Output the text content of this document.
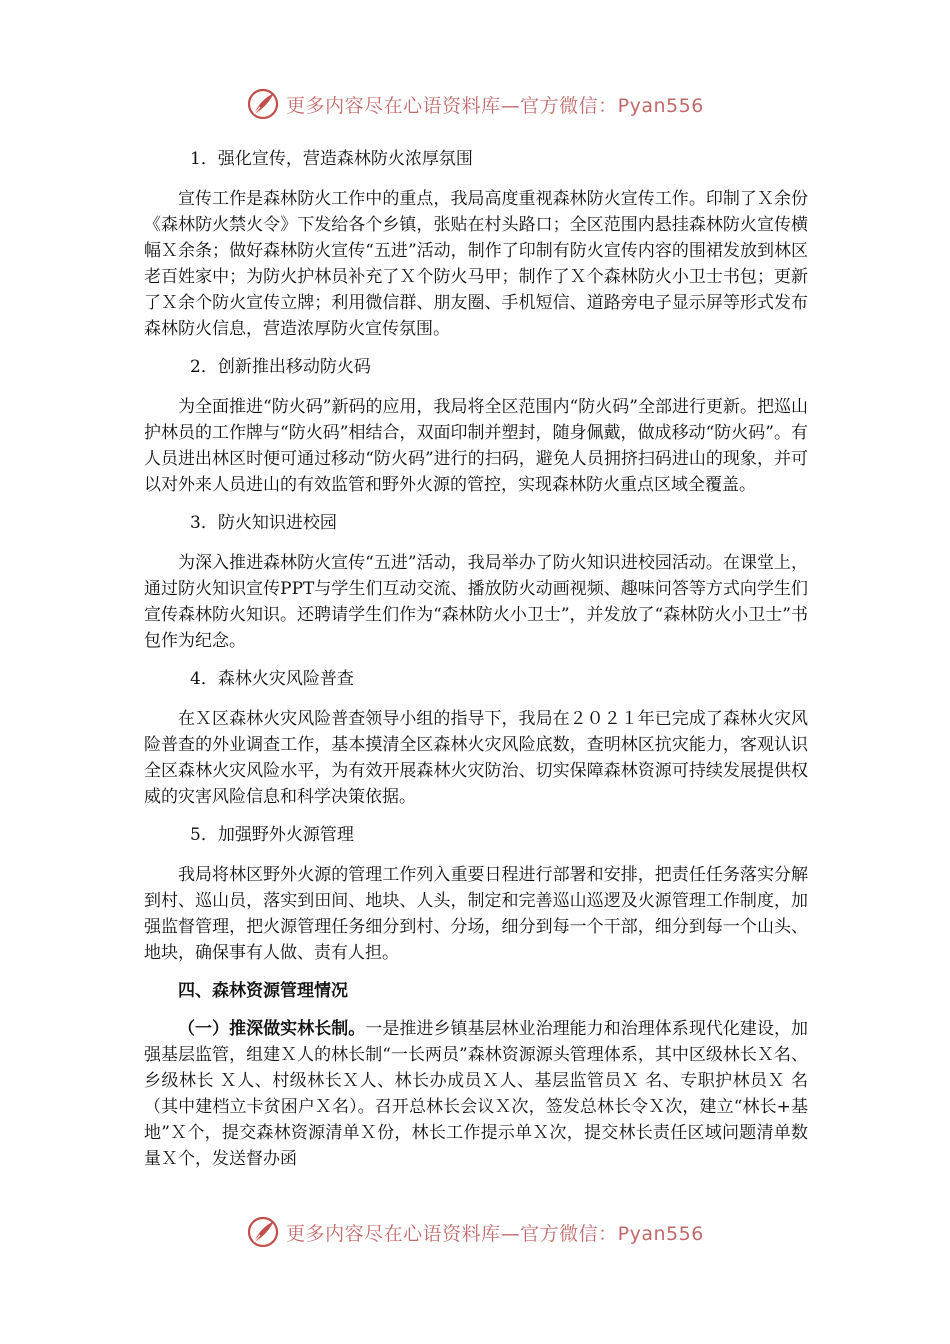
更多内容尽在心语资料库—官方微信：Pyan556

1．强化宣传，营造森林防火浓厚氛围

宣传工作是森林防火工作中的重点，我局高度重视森林防火宣传工作。印制了Ｘ余份《森林防火禁火令》下发给各个乡镇，张贴在村头路口；全区范围内悬挂森林防火宣传横幅Ｘ余条；做好森林防火宣传“五进”活动，制作了印制有防火宣传内容的围裙发放到林区老百姓家中；为防火护林员补充了Ｘ个防火马甲；制作了Ｘ个森林防火小卫士书包；更新了Ｘ余个防火宣传立牌；利用微信群、朋友圈、手机短信、道路旁电子显示屏等形式发布森林防火信息，营造浓厚防火宣传氛围。

2．创新推出移动防火码

为全面推进“防火码”新码的应用，我局将全区范围内“防火码”全部进行更新。把巡山护林员的工作牌与“防火码”相结合，双面印制并塑封，随身佩戴，做成移动“防火码”。有人员进出林区时便可通过移动“防火码”进行的扫码，避免人员拥挤扫码进山的现象，并可以对外来人员进山的有效监管和野外火源的管控，实现森林防火重点区域全覆盖。

3．防火知识进校园

为深入推进森林防火宣传“五进”活动，我局举办了防火知识进校园活动。在课堂上，通过防火知识宣传PPT与学生们互动交流、播放防火动画视频、趣味问答等方式向学生们宣传森林防火知识。还聘请学生们作为“森林防火小卫士”，并发放了“森林防火小卫士”书包作为纪念。

4．森林火灾风险普查

在Ｘ区森林火灾风险普查领导小组的指导下，我局在２０２１年已完成了森林火灾风险普查的外业调查工作，基本摸清全区森林火灾风险底数，查明林区抗灾能力，客观认识全区森林火灾风险水平，为有效开展森林火灾防治、切实保障森林资源可持续发展提供权威的灾害风险信息和科学决策依据。

5．加强野外火源管理

我局将林区野外火源的管理工作列入重要日程进行部署和安排，把责任任务落实分解到村、巡山员，落实到田间、地块、人头，制定和完善巡山巡逻及火源管理工作制度，加强监督管理，把火源管理任务细分到村、分场，细分到每一个干部，细分到每一个山头、地块，确保事有人做、责有人担。

四、森林资源管理情况

（一）推深做实林长制。一是推进乡镇基层林业治理能力和治理体系现代化建设，加强基层监管，组建Ｘ人的林长制“一长两员”森林资源源头管理体系，其中区级林长Ｘ名、乡级林长 Ｘ人、村级林长Ｘ人、林长办成员Ｘ人、基层监管员Ｘ 名、专职护林员Ｘ 名（其中建档立卡贫困户Ｘ名）。召开总林长会议Ｘ次，签发总林长令Ｘ次，建立“林长+基地”Ｘ个，提交森林资源清单Ｘ份，林长工作提示单Ｘ次，提交林长责任区域问题清单数量Ｘ个，发送督办函

更多内容尽在心语资料库—官方微信：Pyan556
